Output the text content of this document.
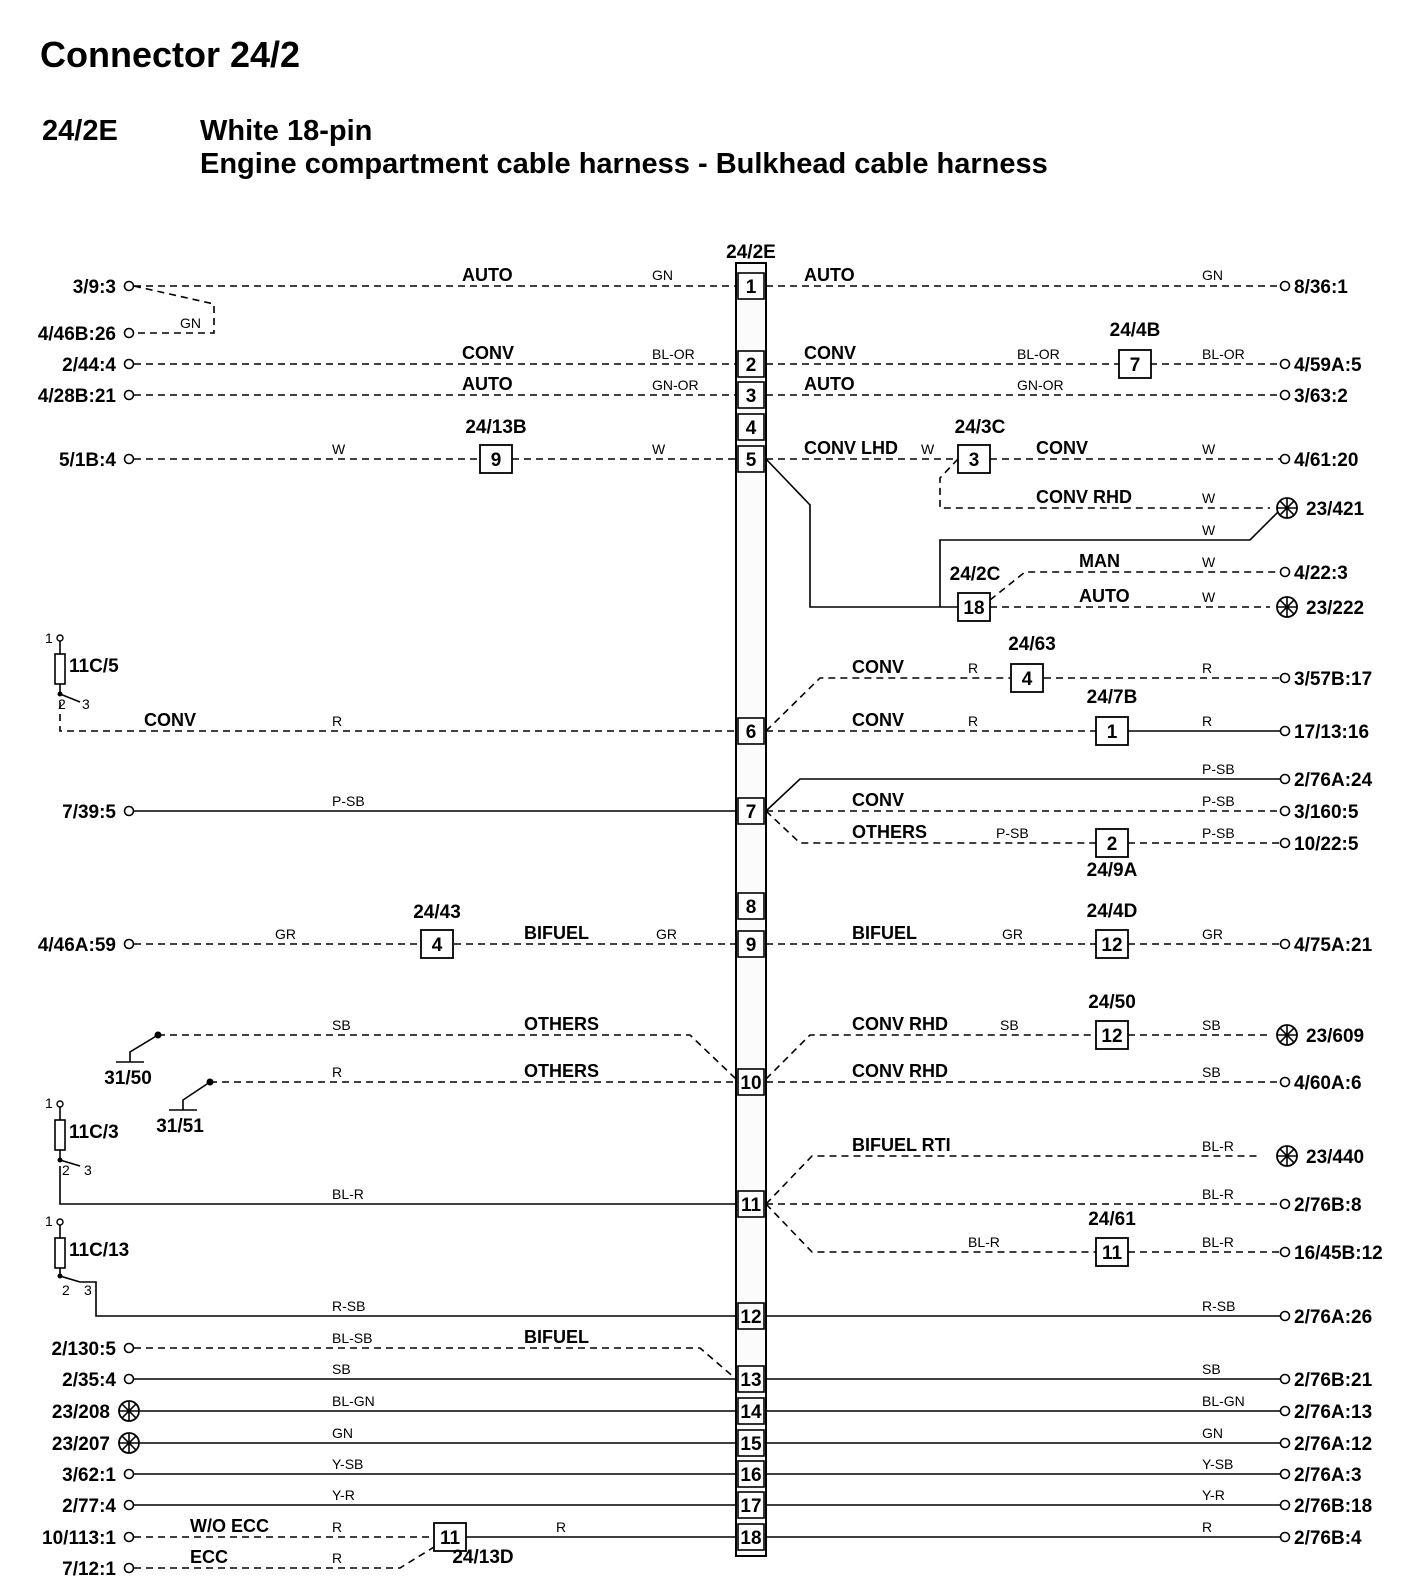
Connector 24/2
24/2E	White 18-pin
Engine compartment cable harness - Bulkhead cable harness
24/2E
1
2
3
4
5
6
7
8
9
10
11
12
13
14
15
16
17
18
1
2 3
11C/5
1
2 3
11C/3
1
2 3
11C/13
9
4
11
7
3
18
4
1
2
12
12
11
3/9:3
4/46B:26
2/44:4
4/28B:21
5/1B:4
7/39:5
4/46A:59
2/130:5
2/35:4
23/208
23/207
3/62:1
2/77:4
10/113:1
7/12:1
8/36:1
4/59A:5
3/63:2
4/61:20
23/421
4/22:3
23/222
3/57B:17
17/13:16
2/76A:24
3/160:5
10/22:5
4/75A:21
23/609
4/60A:6
23/440
2/76B:8
16/45B:12
2/76A:26
2/76B:21
2/76A:13
2/76A:12
2/76A:3
2/76B:18
2/76B:4
24/13B
24/43
24/13D
24/4B
24/3C
24/2C
24/63
24/7B
24/9A
24/4D
24/50
24/61
31/50
31/51
AUTO	AUTO
CONV	CONV
AUTO	AUTO
CONV LHD	CONV
CONV RHD
MAN
AUTO
CONV
CONV
CONV
CONV
OTHERS
BIFUEL	BIFUEL
OTHERS	CONV RHD
OTHERS	CONV RHD
BIFUEL RTI
BIFUEL
W/O ECC
ECC
GN	GN
GN
BL-OR	BL-OR	BL-OR
GN-OR	GN-OR
W	W	W	W
W
W
W
W
R	R
R	R	R
P-SB
P-SB	P-SB
P-SB	P-SB
GR	GR	GR	GR
SB	SB	SB
R	SB
BL-R
BL-R	BL-R
BL-R	BL-R
R-SB	R-SB
BL-SB
SB	SB
BL-GN	BL-GN
GN	GN
Y-SB	Y-SB
Y-R	Y-R
R	R	R
R
